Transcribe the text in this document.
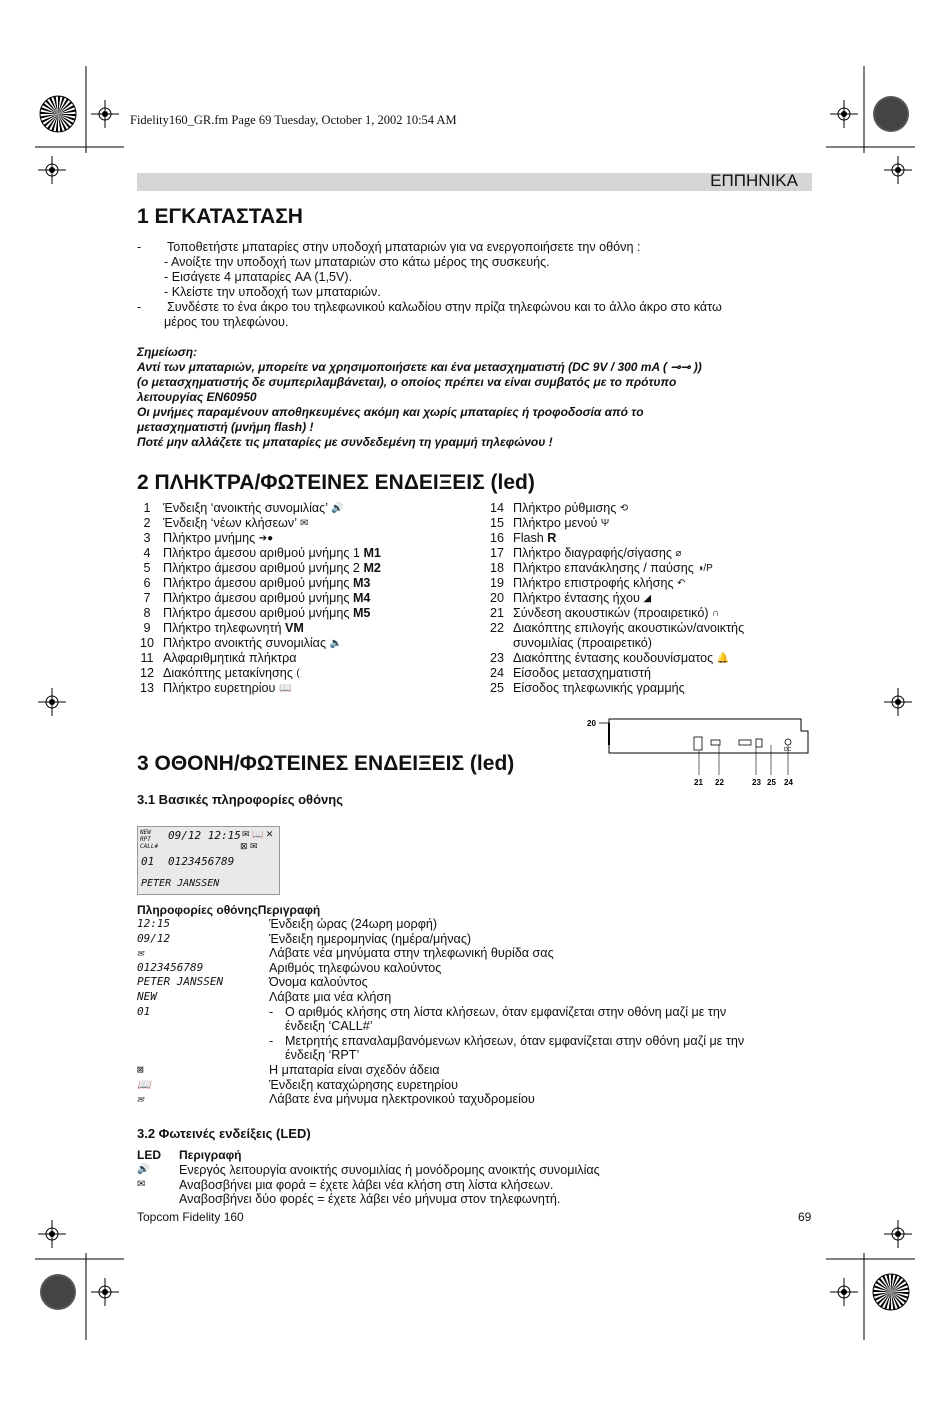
Fidelity160_GR.fm Page 69 Tuesday, October 1, 2002 10:54 AM
ΕΠΠΗΝΙΚΑ
1 ΕΓΚΑΤΑΣΤΑΣΗ
- Τοποθετήστε μπαταρίες στην υποδοχή μπαταριών για να ενεργοποιήσετε την οθόνη :
- Ανοίξτε την υποδοχή των μπαταριών στο κάτω μέρος της συσκευής.
- Εισάγετε 4 μπαταρίες AA (1,5V).
- Κλείστε την υποδοχή των μπαταριών.
- Συνδέστε το ένα άκρο του τηλεφωνικού καλωδίου στην πρίζα τηλεφώνου και το άλλο άκρο στο κάτω
μέρος του τηλεφώνου.
Σημείωση:
Αντί των μπαταριών, μπορείτε να χρησιμοποιήσετε και ένα μετασχηματιστή (DC 9V / 300 mA ( ⊸⊸ ))
(ο μετασχηματιστής δε συμπεριλαμβάνεται), ο οποίος πρέπει να είναι συμβατός με το πρότυπο
λειτουργίας EN60950
Οι μνήμες παραμένουν αποθηκευμένες ακόμη και χωρίς μπαταρίες ή τροφοδοσία από το
μετασχηματιστή (μνήμη flash) !
Ποτέ μην αλλάζετε τις μπαταρίες με συνδεδεμένη τη γραμμή τηλεφώνου !
2 ΠΛΗΚΤΡΑ/ΦΩΤΕΙΝΕΣ ΕΝΔΕΙΞΕΙΣ (led)
1 Ένδειξη ‘ανοικτής συνομιλίας’ 🔊
2 Ένδειξη ‘νέων κλήσεων’ ✉
3 Πλήκτρο μνήμης ➔●
4 Πλήκτρο άμεσου αριθμού μνήμης 1 M1
5 Πλήκτρο άμεσου αριθμού μνήμης 2 M2
6 Πλήκτρο άμεσου αριθμού μνήμης M3
7 Πλήκτρο άμεσου αριθμού μνήμης M4
8 Πλήκτρο άμεσου αριθμού μνήμης M5
9 Πλήκτρο τηλεφωνητή VM
10 Πλήκτρο ανοικτής συνομιλίας 🔈
11 Αλφαριθμητικά πλήκτρα
12 Διακόπτης μετακίνησης (
13 Πλήκτρο ευρετηρίου 📖
14 Πλήκτρο ρύθμισης ⟲
15 Πλήκτρο μενού Ψ
16 Flash R
17 Πλήκτρο διαγραφής/σίγασης ⌀
18 Πλήκτρο επανάκλησης / παύσης ◑/P
19 Πλήκτρο επιστροφής κλήσης ↶
20 Πλήκτρο έντασης ήχου ◢
21 Σύνδεση ακουστικών (προαιρετικό) ∩
22 Διακόπτης επιλογής ακουστικών/ανοικτής
συνομιλίας (προαιρετικό)
23 Διακόπτης έντασης κουδουνίσματος 🔔
24 Είσοδος μετασχηματιστή
25 Είσοδος τηλεφωνικής γραμμής
20
DC
21 22	23 25 24
3 ΟΘΟΝΗ/ΦΩΤΕΙΝΕΣ ΕΝΔΕΙΞΕΙΣ (led)
3.1 Βασικές πληροφορίες οθόνης
NEW
RPT
CALL#
09/12 12:15 ✉ 📖 ✕
⊠ ✉
01 0123456789
PETER JANSSEN
Πληροφορίες οθόνηςΠεριγραφή
12:15	Ένδειξη ώρας (24ωρη μορφή)
09/12	Ένδειξη ημερομηνίας (ημέρα/μήνας)
✉	Λάβατε νέα μηνύματα στην τηλεφωνική θυρίδα σας
0123456789	Αριθμός τηλεφώνου καλούντος
PETER JANSSEN	Όνομα καλούντος
NEW	Λάβατε μια νέα κλήση
01	- Ο αριθμός κλήσης στη λίστα κλήσεων, όταν εμφανίζεται στην οθόνη μαζί με την
ένδειξη ‘CALL#’
- Μετρητής επαναλαμβανόμενων κλήσεων, όταν εμφανίζεται στην οθόνη μαζί με την
ένδειξη ‘RPT’
⊠	Η μπαταρία είναι σχεδόν άδεια
📖	Ένδειξη καταχώρησης ευρετηρίου
✉	Λάβατε ένα μήνυμα ηλεκτρονικού ταχυδρομείου
3.2 Φωτεινές ενδείξεις (LED)
LED Περιγραφή
🔊 Ενεργός λειτουργία ανοικτής συνομιλίας ή μονόδρομης ανοικτής συνομιλίας
✉	Αναβοσβήνει μια φορά = έχετε λάβει νέα κλήση στη λίστα κλήσεων.
Αναβοσβήνει δύο φορές = έχετε λάβει νέο μήνυμα στον τηλεφωνητή.
Topcom Fidelity 160	69
